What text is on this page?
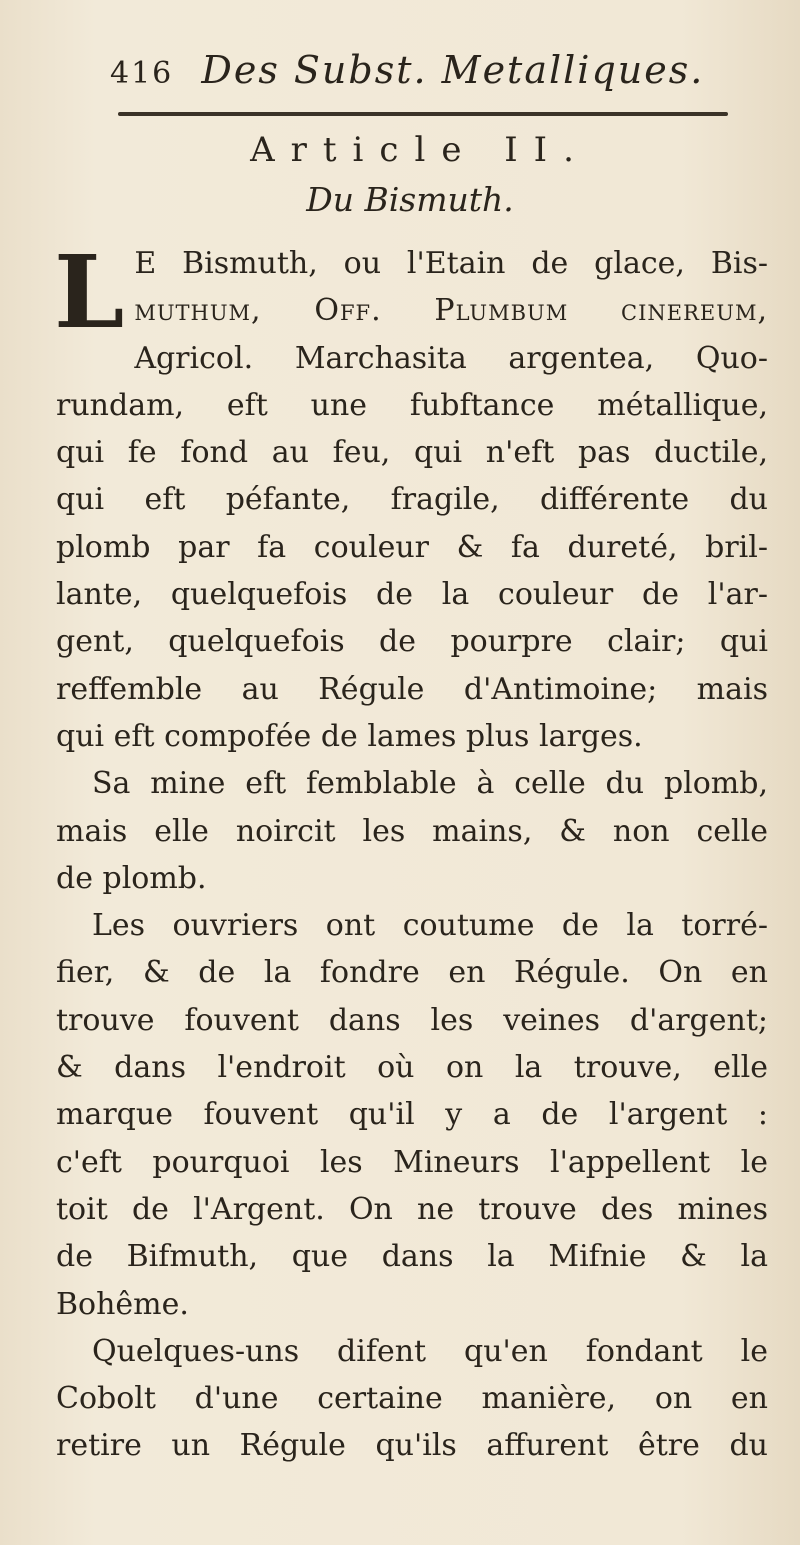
416 Des Subst. Metalliques.
Article II.
Du Bismuth.
L E Bismuth, ou l'Etain de glace, Bis-
muthum, Off. Plumbum cinereum,
Agricol. Marchasita argentea, Quo-
rundam, eft une fubftance métallique,
qui fe fond au feu, qui n'eft pas ductile,
qui eft péfante, fragile, différente du
plomb par fa couleur & fa dureté, bril-
lante, quelquefois de la couleur de l'ar-
gent, quelquefois de pourpre clair; qui
reffemble au Régule d'Antimoine; mais
qui eft compofée de lames plus larges.
Sa mine eft femblable à celle du plomb,
mais elle noircit les mains, & non celle
de plomb.
Les ouvriers ont coutume de la torré-
fier, & de la fondre en Régule. On en
trouve fouvent dans les veines d'argent;
& dans l'endroit où on la trouve, elle
marque fouvent qu'il y a de l'argent :
c'eft pourquoi les Mineurs l'appellent le
toit de l'Argent. On ne trouve des mines
de Bifmuth, que dans la Mifnie & la
Bohême.
Quelques-uns difent qu'en fondant le
Cobolt d'une certaine manière, on en
retire un Régule qu'ils affurent être du
